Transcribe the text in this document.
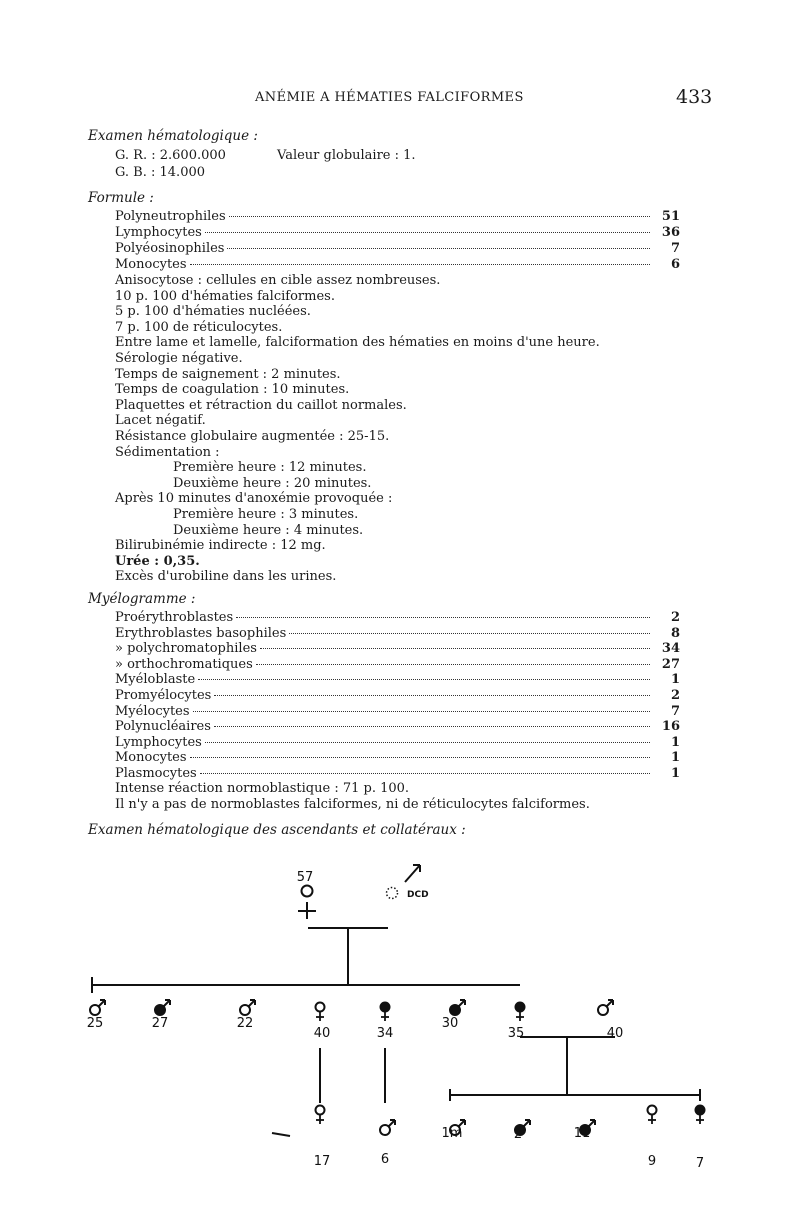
ANÉMIE A HÉMATIES FALCIFORMES	433
Examen hématologique :
G. R. : 2.600.000	Valeur globulaire : 1.
G. B. : 14.000
Formule :
Polyneutrophiles	51
Lymphocytes	36
Polyéosinophiles	7
Monocytes	6
Anisocytose : cellules en cible assez nombreuses.
10 p. 100 d'hématies falciformes.
5 p. 100 d'hématies nucléées.
7 p. 100 de réticulocytes.
Entre lame et lamelle, falciformation des hématies en moins d'une heure.
Sérologie négative.
Temps de saignement : 2 minutes.
Temps de coagulation : 10 minutes.
Plaquettes et rétraction du caillot normales.
Lacet négatif.
Résistance globulaire augmentée : 25-15.
Sédimentation :
Première heure : 12 minutes.
Deuxième heure : 20 minutes.
Après 10 minutes d'anoxémie provoquée :
Première heure : 3 minutes.
Deuxième heure : 4 minutes.
Bilirubinémie indirecte : 12 mg.
Urée : 0,35.
Excès d'urobiline dans les urines.
Myélogramme :
Proérythroblastes	2
Erythroblastes basophiles	8
» polychromatophiles	34
» orthochromatiques	27
Myéloblaste	1
Promyélocytes	2
Myélocytes	7
Polynucléaires	16
Lymphocytes	1
Monocytes	1
Plasmocytes	1
Intense réaction normoblastique : 71 p. 100.
Il n'y a pas de normoblastes falciformes, ni de réticulocytes falciformes.
Examen hématologique des ascendants et collatéraux :
57
DCD
25	27	22
40	34
30
35	40
17	6
1m	2	11
9	7
